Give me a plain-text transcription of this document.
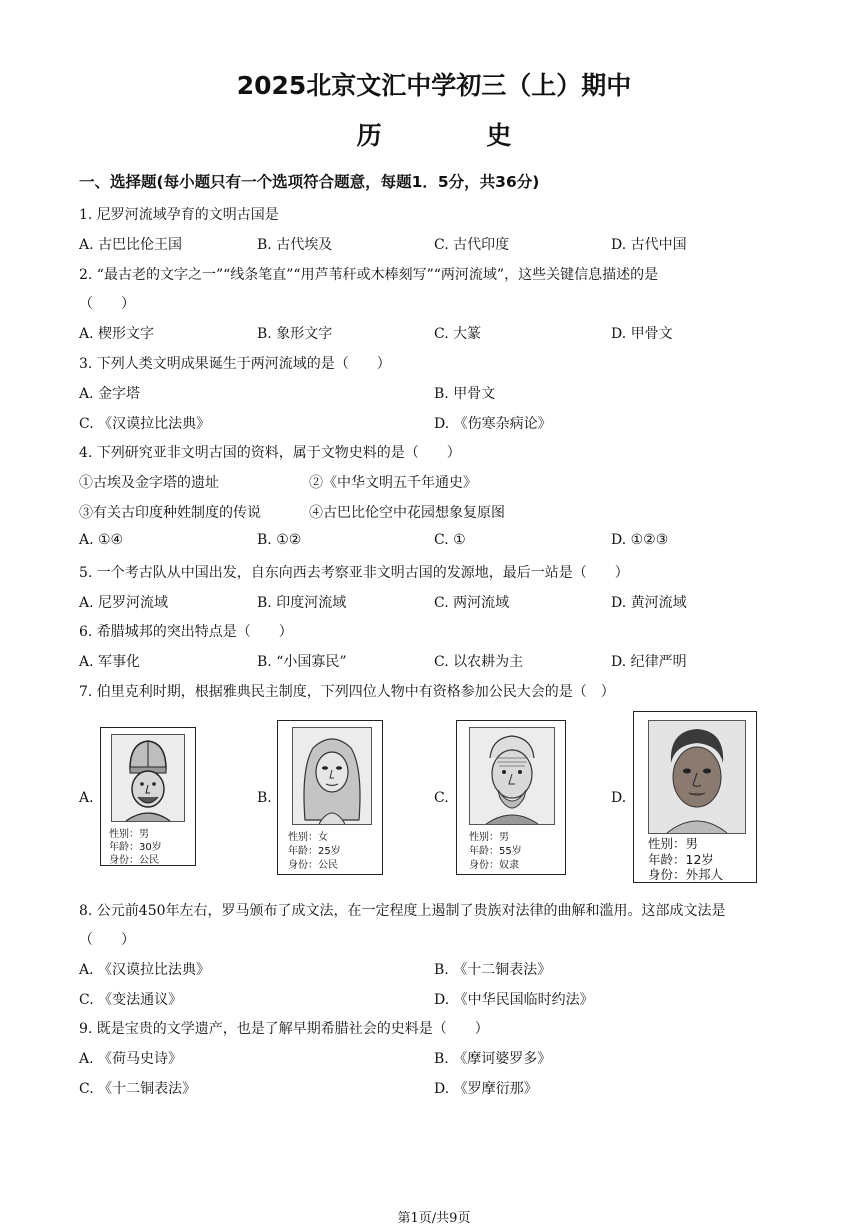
2025北京文汇中学初三（上）期中
历 史
一、选择题(每小题只有一个选项符合题意，每题1．5分，共36分)
1. 尼罗河流域孕育的文明古国是
A. 古巴比伦王国	B. 古代埃及	C. 古代印度	D. 古代中国
2. “最古老的文字之一”“线条笔直”“用芦苇秆或木棒刻写”“两河流域”，这些关键信息描述的是
（　　）
A. 楔形文字	B. 象形文字	C. 大篆	D. 甲骨文
3. 下列人类文明成果诞生于两河流域的是（　　）
A. 金字塔	B. 甲骨文
C. 《汉谟拉比法典》	D. 《伤寒杂病论》
4. 下列研究亚非文明古国的资料，属于文物史料的是（　　）
①古埃及金字塔的遗址	②《中华文明五千年通史》
③有关古印度种姓制度的传说	④古巴比伦空中花园想象复原图
A. ①④	B. ①②	C. ①	D. ①②③
5. 一个考古队从中国出发，自东向西去考察亚非文明古国的发源地，最后一站是（　　）
A. 尼罗河流域	B. 印度河流域	C. 两河流域	D. 黄河流域
6. 希腊城邦的突出特点是（　　）
A. 军事化	B. “小国寡民”	C. 以农耕为主	D. 纪律严明
7. 伯里克利时期，根据雅典民主制度，下列四位人物中有资格参加公民大会的是（　）
A.
性别：男
年龄：30岁
身份：公民
B.
性别：女
年龄：25岁
身份：公民
C.
性别：男
年龄：55岁
身份：奴隶
D.
性别：男
年龄：12岁
身份：外邦人
8. 公元前450年左右，罗马颁布了成文法，在一定程度上遏制了贵族对法律的曲解和滥用。这部成文法是
（　　）
A. 《汉谟拉比法典》	B. 《十二铜表法》
C. 《变法通议》	D. 《中华民国临时约法》
9. 既是宝贵的文学遗产，也是了解早期希腊社会的史料是（　　）
A. 《荷马史诗》	B. 《摩诃婆罗多》
C. 《十二铜表法》	D. 《罗摩衍那》
第1页/共9页
